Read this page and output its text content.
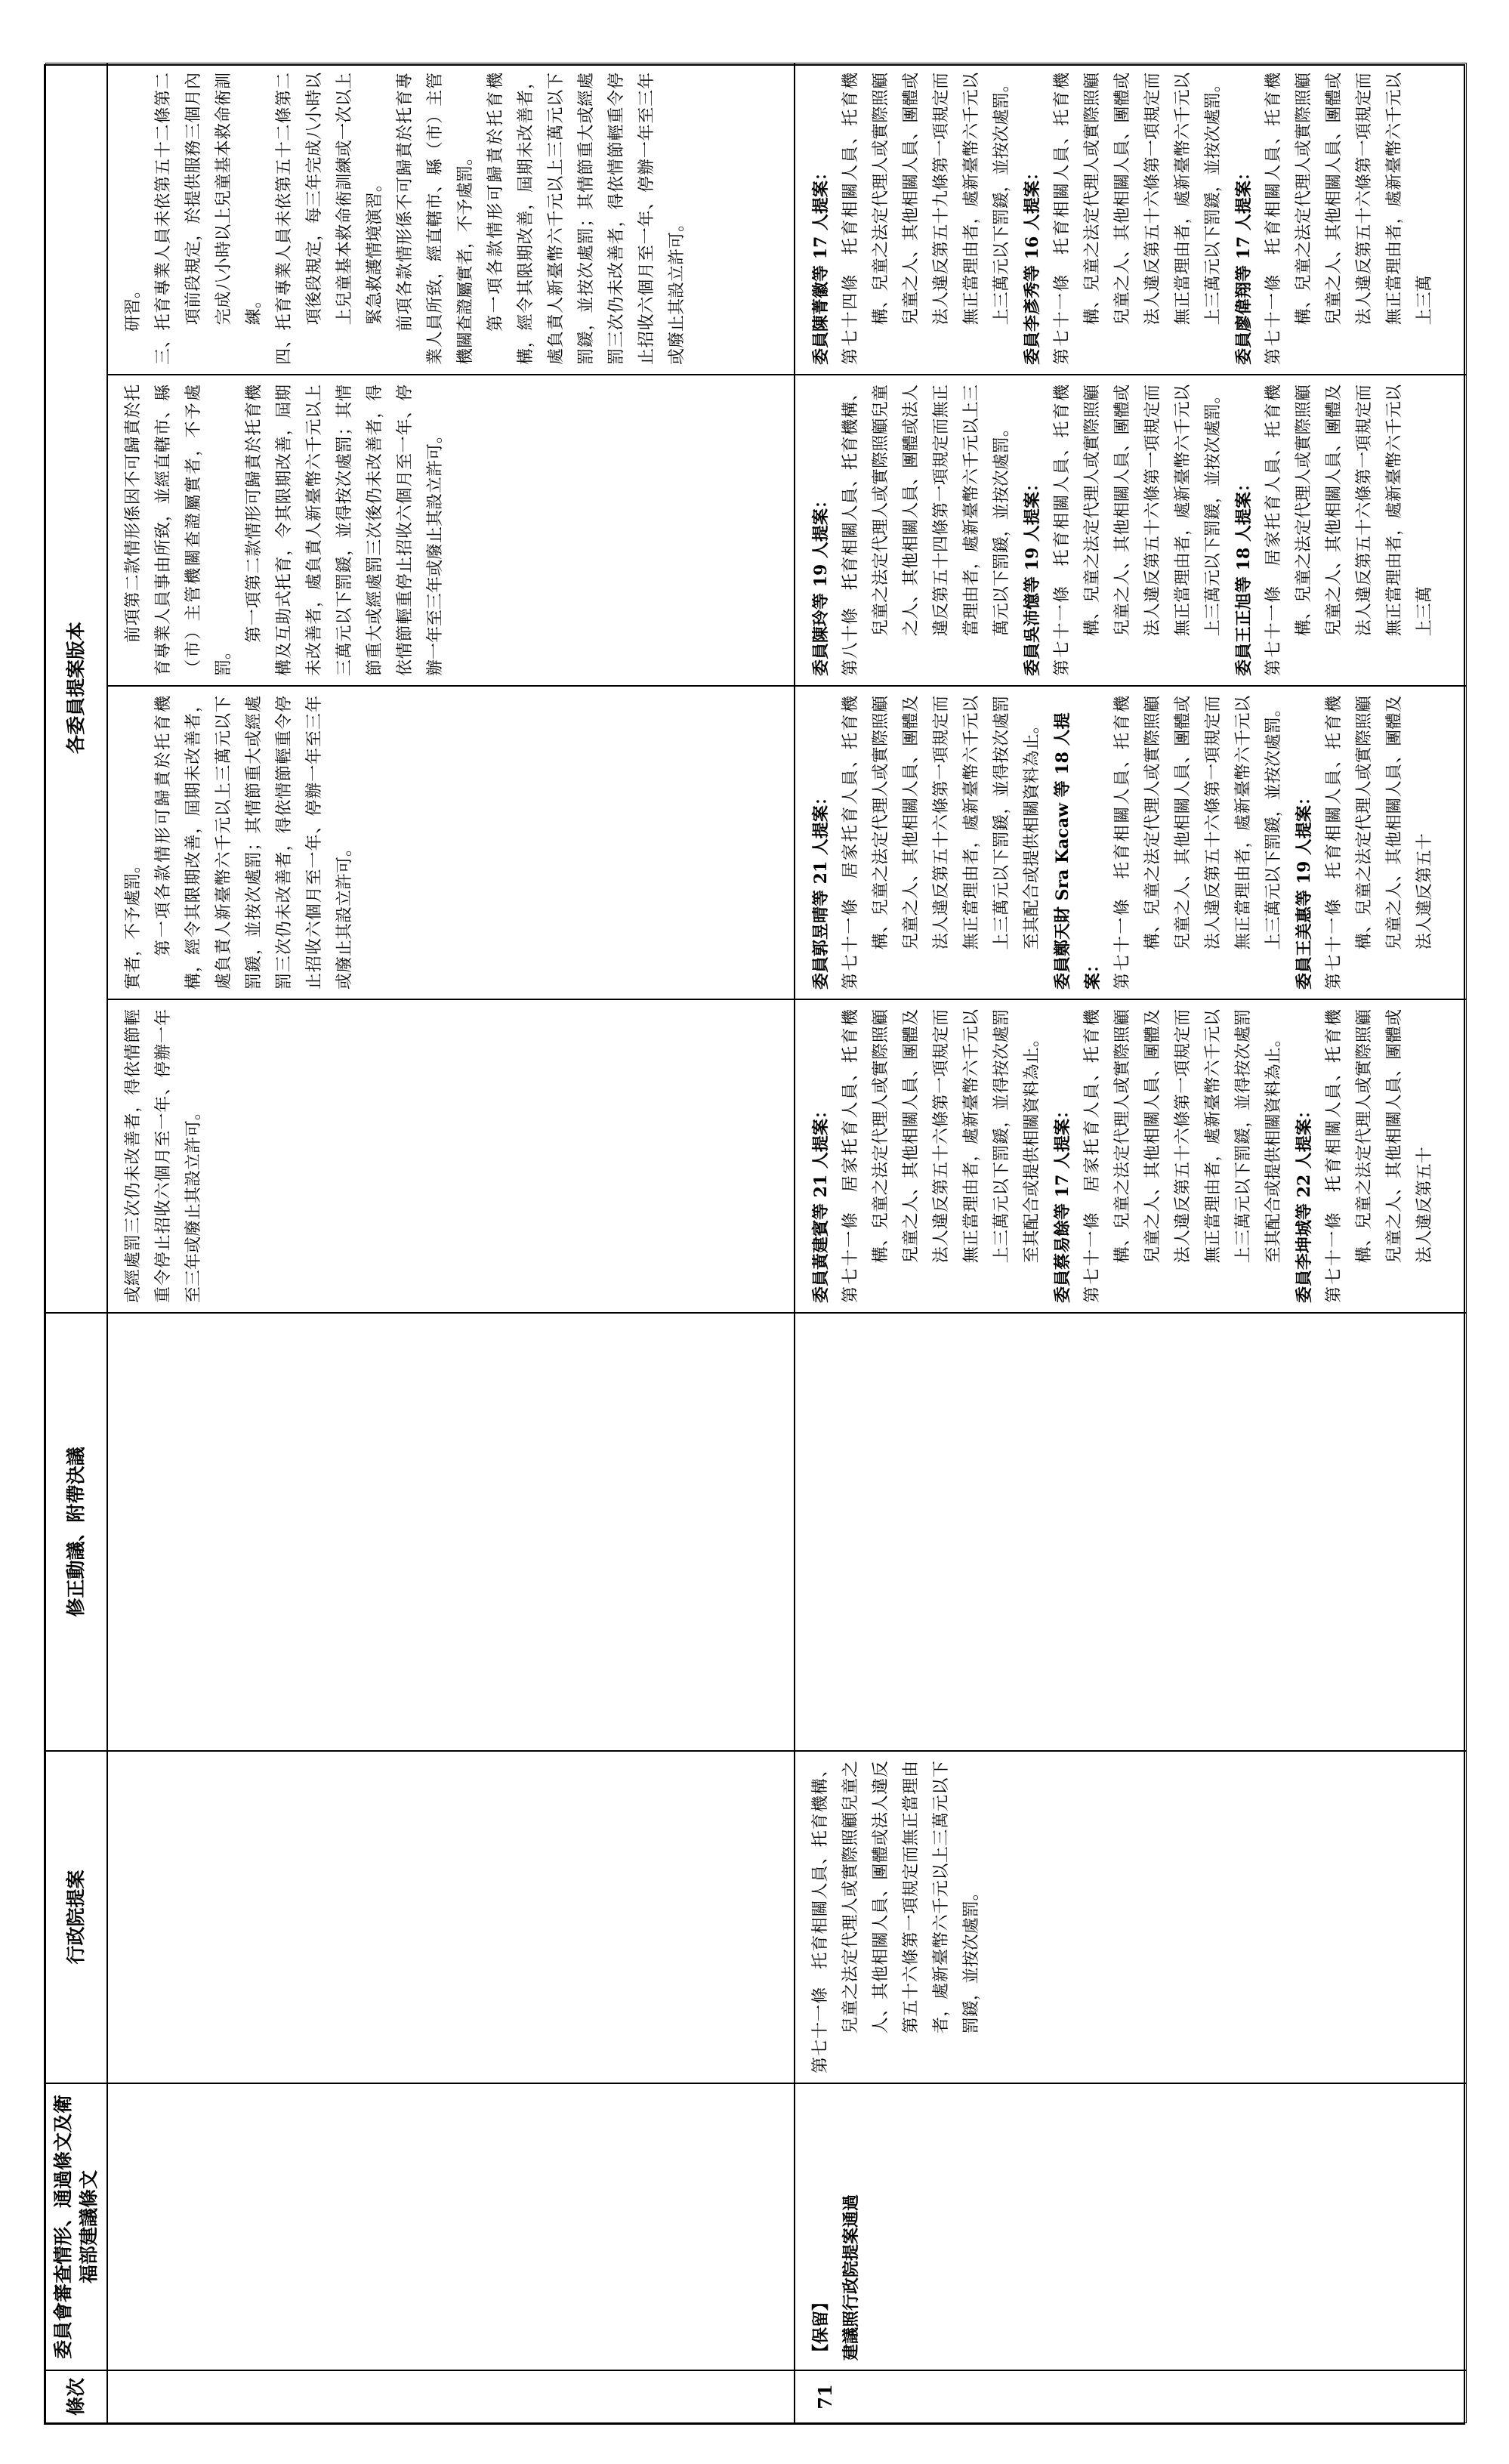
條次
委員會審查情形、通過條文及衛福部建議條文
行政院提案
修正動議、附帶決議
各委員提案版本

或經處罰三次仍未改善者，得依情節輕重令停止招收六個月至一年、停辦一年至三年或廢止其設立許可。

實者，不予處罰。 第一項各款情形可歸責於托育機構，經令其限期改善，屆期未改善者，處負責人新臺幣六千元以上三萬元以下罰鍰，並按次處罰；其情節重大或經處罰三次仍未改善者，得依情節輕重令停止招收六個月至一年、停辦一年至三年或廢止其設立許可。

前項第二款情形係因不可歸責於托育專業人員事由所致，並經直轄市、縣（市）主管機關查證屬實者，不予處罰。

第一項第二款情形可歸責於托育機構及互助式托育，令其限期改善，屆期未改善者，處負責人新臺幣六千元以上三萬元以下罰鍰，並得按次處罰；其情節重大或經處罰三次後仍未改善者，得依情節輕重停止招收六個月至一年、停辦一年至三年或廢止其設立許可。

研習。 三、托育專業人員未依第五十二條第二項前段規定，於提供服務三個月內完成八小時以上兒童基本救命術訓練。 四、托育專業人員未依第五十二條第二項後段規定，每三年完成八小時以上兒童基本救命術訓練或一次以上緊急救護情境演習。 前項各款情形係不可歸責於托育專業人員所致，經直轄市、縣（市）主管機關查證屬實者，不予處罰。 第一項各款情形可歸責於托育機構，經令其限期改善，屆期未改善者，處負責人新臺幣六千元以上三萬元以下罰鍰，並按次處罰；其情節重大或經處罰三次仍未改善者，得依情節輕重令停止招收六個月至一年、停辦一年至三年或廢止其設立許可。

71

【保留】 建議照行政院提案通過

第七十一條　托育相關人員、托育機構、兒童之法定代理人或實際照顧兒童之人、其他相關人員、團體或法人違反第五十六條第一項規定而無正當理由者，處新臺幣六千元以上三萬元以下罰鍰，並按次處罰。

委員黃建賓等 21 人提案： 第七十一條　居家托育人員、托育機構、兒童之法定代理人或實際照顧兒童之人、其他相關人員、團體及法人違反第五十六條第一項規定而無正當理由者，處新臺幣六千元以上三萬元以下罰鍰，並得按次處罰至其配合或提供相關資料為止。 委員蔡易餘等 17 人提案： 第七十一條　居家托育人員、托育機構、兒童之法定代理人或實際照顧兒童之人、其他相關人員、團體及法人違反第五十六條第一項規定而無正當理由者，處新臺幣六千元以上三萬元以下罰鍰，並得按次處罰至其配合或提供相關資料為止。 委員李坤城等 22 人提案： 第七十一條　托育相關人員、托育機構、兒童之法定代理人或實際照顧兒童之人、其他相關人員、團體或法人違反第五十

委員郭昱晴等 21 人提案： 第七十一條　居家托育人員、托育機構、兒童之法定代理人或實際照顧兒童之人、其他相關人員、團體及法人違反第五十六條第一項規定而無正當理由者，處新臺幣六千元以上三萬元以下罰鍰，並得按次處罰至其配合或提供相關資料為止。 委員鄭天財 Sra Kacaw 等 18 人提案： 第七十一條　托育相關人員、托育機構、兒童之法定代理人或實際照顧兒童之人、其他相關人員、團體或法人違反第五十六條第一項規定而無正當理由者，處新臺幣六千元以上三萬元以下罰鍰，並按次處罰。 委員王美惠等 19 人提案： 第七十一條　托育相關人員、托育機構、兒童之法定代理人或實際照顧兒童之人、其他相關人員、團體及法人違反第五十

委員陳玲等 19 人提案： 第八十條　托育相關人員、托育機構、兒童之法定代理人或實際照顧兒童之人、其他相關人員、團體或法人違反第五十四條第一項規定而無正當理由者，處新臺幣六千元以上三萬元以下罰鍰，並按次處罰。 委員吳沛憶等 19 人提案： 第七十一條　托育相關人員、托育機構、兒童之法定代理人或實際照顧兒童之人、其他相關人員、團體或法人違反第五十六條第一項規定而無正當理由者，處新臺幣六千元以上三萬元以下罰鍰，並按次處罰。 委員王正旭等 18 人提案： 第七十一條　居家托育人員、托育機構、兒童之法定代理人或實際照顧兒童之人、其他相關人員、團體及法人違反第五十六條第一項規定而無正當理由者，處新臺幣六千元以上三萬

委員陳菁徽等 17 人提案： 第七十四條　托育相關人員、托育機構、兒童之法定代理人或實際照顧兒童之人、其他相關人員、團體或法人違反第五十九條第一項規定而無正當理由者，處新臺幣六千元以上三萬元以下罰鍰，並按次處罰。 委員李彥秀等 16 人提案： 第七十一條　托育相關人員、托育機構、兒童之法定代理人或實際照顧兒童之人、其他相關人員、團體或法人違反第五十六條第一項規定而無正當理由者，處新臺幣六千元以上三萬元以下罰鍰，並按次處罰。 委員廖偉翔等 17 人提案： 第七十一條　托育相關人員、托育機構、兒童之法定代理人或實際照顧兒童之人、其他相關人員、團體或法人違反第五十六條第一項規定而無正當理由者，處新臺幣六千元以上三萬
